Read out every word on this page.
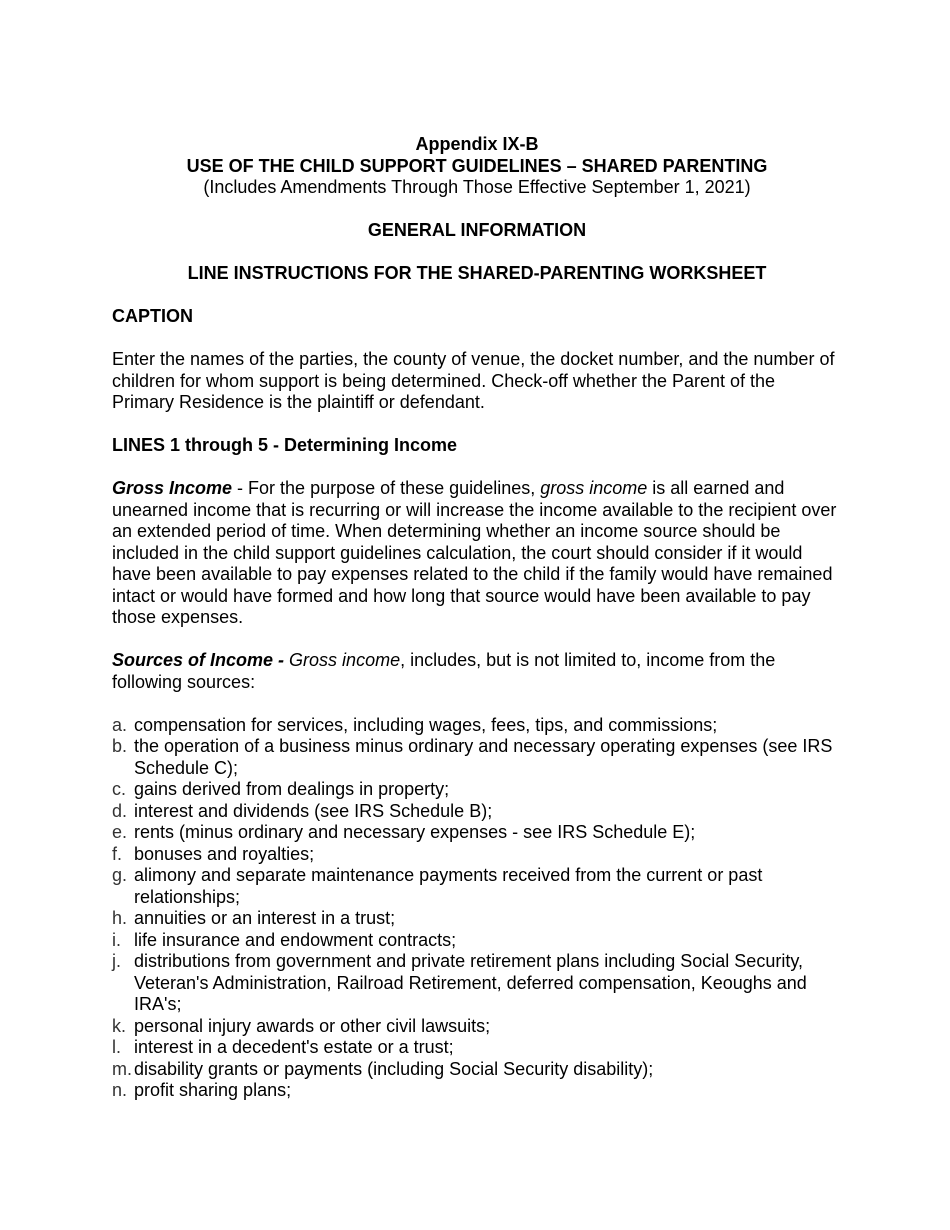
Appendix IX-B
USE OF THE CHILD SUPPORT GUIDELINES – SHARED PARENTING
(Includes Amendments Through Those Effective September 1, 2021)
GENERAL INFORMATION
LINE INSTRUCTIONS FOR THE SHARED-PARENTING WORKSHEET
CAPTION

Enter the names of the parties, the county of venue, the docket number, and the number of children for whom support is being determined. Check-off whether the Parent of the Primary Residence is the plaintiff or defendant.

LINES 1 through 5 - Determining Income

Gross Income - For the purpose of these guidelines, gross income is all earned and unearned income that is recurring or will increase the income available to the recipient over an extended period of time. When determining whether an income source should be included in the child support guidelines calculation, the court should consider if it would have been available to pay expenses related to the child if the family would have remained intact or would have formed and how long that source would have been available to pay those expenses.

Sources of Income - Gross income, includes, but is not limited to, income from the following sources:

a. compensation for services, including wages, fees, tips, and commissions;
b. the operation of a business minus ordinary and necessary operating expenses (see IRS Schedule C);
c. gains derived from dealings in property;
d. interest and dividends (see IRS Schedule B);
e. rents (minus ordinary and necessary expenses - see IRS Schedule E);
f. bonuses and royalties;
g. alimony and separate maintenance payments received from the current or past relationships;
h. annuities or an interest in a trust;
i. life insurance and endowment contracts;
j. distributions from government and private retirement plans including Social Security, Veteran's Administration, Railroad Retirement, deferred compensation, Keoughs and IRA's;
k. personal injury awards or other civil lawsuits;
l. interest in a decedent's estate or a trust;
m. disability grants or payments (including Social Security disability);
n. profit sharing plans;
